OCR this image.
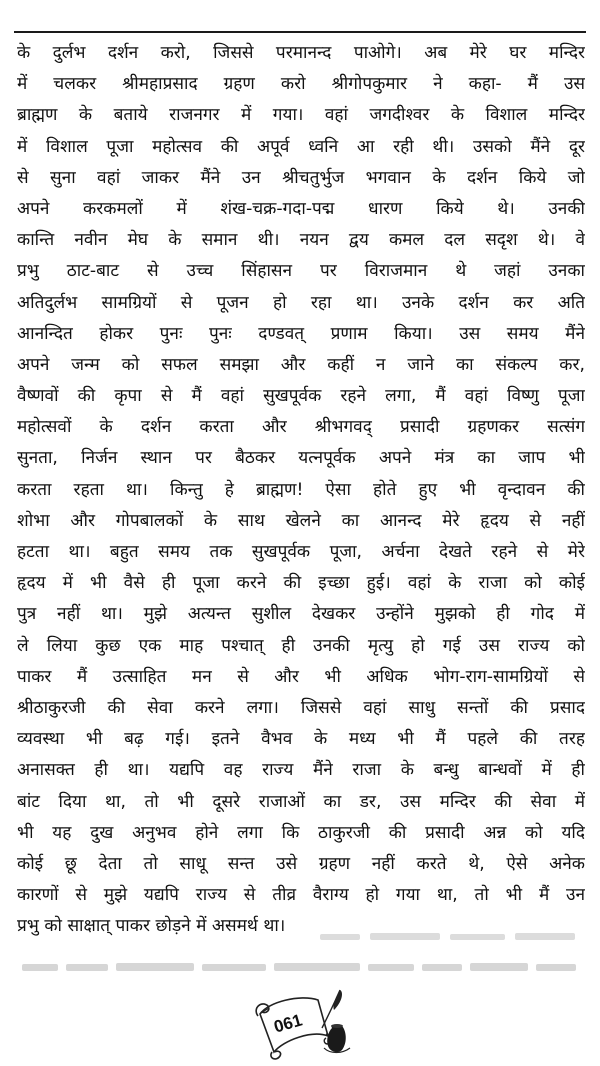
के दुर्लभ दर्शन करो, जिससे परमानन्द पाओगे। अब मेरे घर मन्दिर
में चलकर श्रीमहाप्रसाद ग्रहण करो श्रीगोपकुमार ने कहा- मैं उस
ब्राह्मण के बताये राजनगर में गया। वहां जगदीश्वर के विशाल मन्दिर
में विशाल पूजा महोत्सव की अपूर्व ध्वनि आ रही थी। उसको मैंने दूर
से सुना वहां जाकर मैंने उन श्रीचतुर्भुज भगवान के दर्शन किये जो
अपने करकमलों में शंख-चक्र-गदा-पद्म धारण किये थे। उनकी
कान्ति नवीन मेघ के समान थी। नयन द्वय कमल दल सदृश थे। वे
प्रभु ठाट-बाट से उच्च सिंहासन पर विराजमान थे जहां उनका
अतिदुर्लभ सामग्रियों से पूजन हो रहा था। उनके दर्शन कर अति
आनन्दित होकर पुनः पुनः दण्डवत् प्रणाम किया। उस समय मैंने
अपने जन्म को सफल समझा और कहीं न जाने का संकल्प कर,
वैष्णवों की कृपा से मैं वहां सुखपूर्वक रहने लगा, मैं वहां विष्णु पूजा
महोत्सवों के दर्शन करता और श्रीभगवद् प्रसादी ग्रहणकर सत्संग
सुनता, निर्जन स्थान पर बैठकर यत्नपूर्वक अपने मंत्र का जाप भी
करता रहता था। किन्तु हे ब्राह्मण! ऐसा होते हुए भी वृन्दावन की
शोभा और गोपबालकों के साथ खेलने का आनन्द मेरे हृदय से नहीं
हटता था। बहुत समय तक सुखपूर्वक पूजा, अर्चना देखते रहने से मेरे
हृदय में भी वैसे ही पूजा करने की इच्छा हुई। वहां के राजा को कोई
पुत्र नहीं था। मुझे अत्यन्त सुशील देखकर उन्होंने मुझको ही गोद में
ले लिया कुछ एक माह पश्चात् ही उनकी मृत्यु हो गई उस राज्य को
पाकर मैं उत्साहित मन से और भी अधिक भोग-राग-सामग्रियों से
श्रीठाकुरजी की सेवा करने लगा। जिससे वहां साधु सन्तों की प्रसाद
व्यवस्था भी बढ़ गई। इतने वैभव के मध्य भी मैं पहले की तरह
अनासक्त ही था। यद्यपि वह राज्य मैंने राजा के बन्धु बान्धवों में ही
बांट दिया था, तो भी दूसरे राजाओं का डर, उस मन्दिर की सेवा में
भी यह दुख अनुभव होने लगा कि ठाकुरजी की प्रसादी अन्न को यदि
कोई छू देता तो साधू सन्त उसे ग्रहण नहीं करते थे, ऐसे अनेक
कारणों से मुझे यद्यपि राज्य से तीव्र वैराग्य हो गया था, तो भी मैं उन
प्रभु को साक्षात् पाकर छोड़ने में असमर्थ था।
061
